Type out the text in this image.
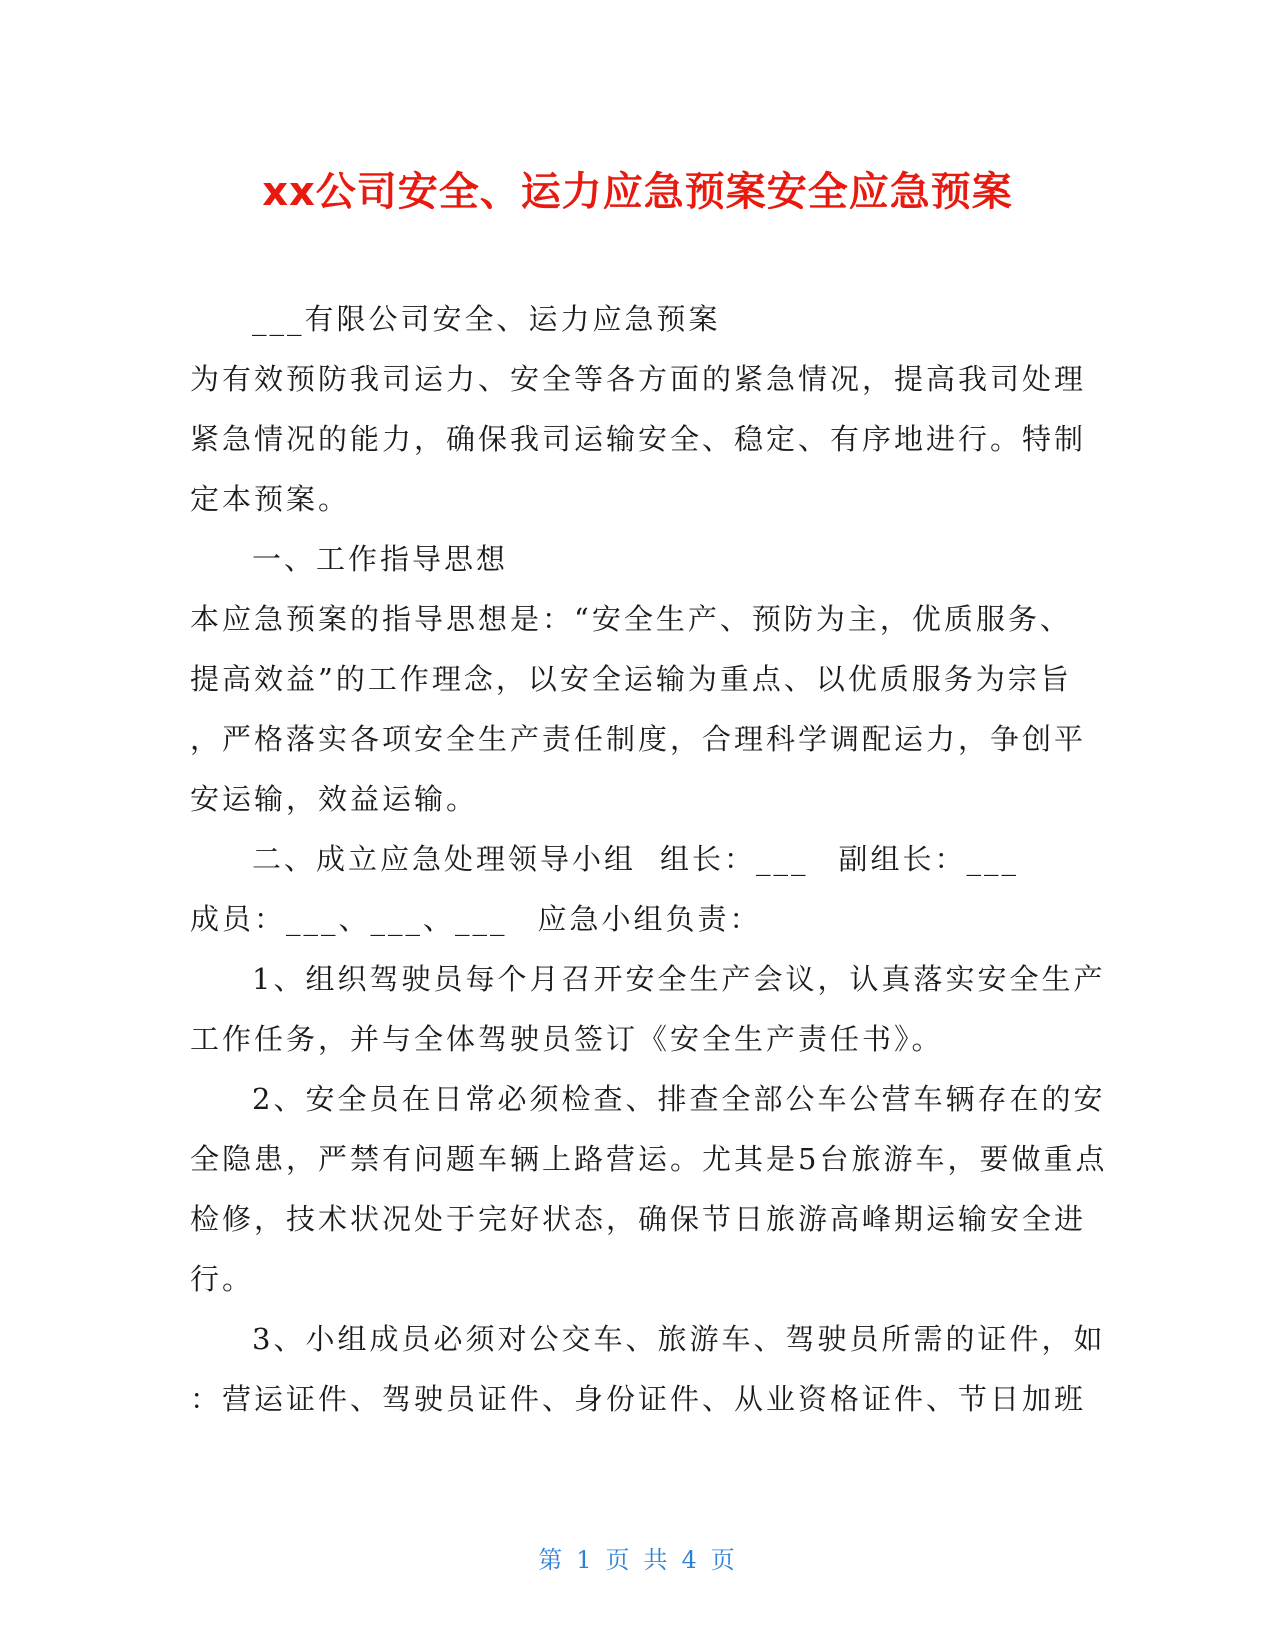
xx公司安全、运力应急预案安全应急预案

___有限公司安全、运力应急预案

为有效预防我司运力、安全等各方面的紧急情况，提高我司处理

紧急情况的能力，确保我司运输安全、稳定、有序地进行。特制

定本预案。

一、工作指导思想

本应急预案的指导思想是：“安全生产、预防为主，优质服务、

提高效益”的工作理念，以安全运输为重点、以优质服务为宗旨

，严格落实各项安全生产责任制度，合理科学调配运力，争创平

安运输，效益运输。

二、成立应急处理领导小组 组长：___ 副组长：___

成员：___、___、___ 应急小组负责：

1、组织驾驶员每个月召开安全生产会议，认真落实安全生产

工作任务，并与全体驾驶员签订《安全生产责任书》。

2、安全员在日常必须检查、排查全部公车公营车辆存在的安

全隐患，严禁有问题车辆上路营运。尤其是5台旅游车，要做重点

检修，技术状况处于完好状态，确保节日旅游高峰期运输安全进

行。

3、小组成员必须对公交车、旅游车、驾驶员所需的证件，如

：营运证件、驾驶员证件、身份证件、从业资格证件、节日加班

第 1 页 共 4 页
